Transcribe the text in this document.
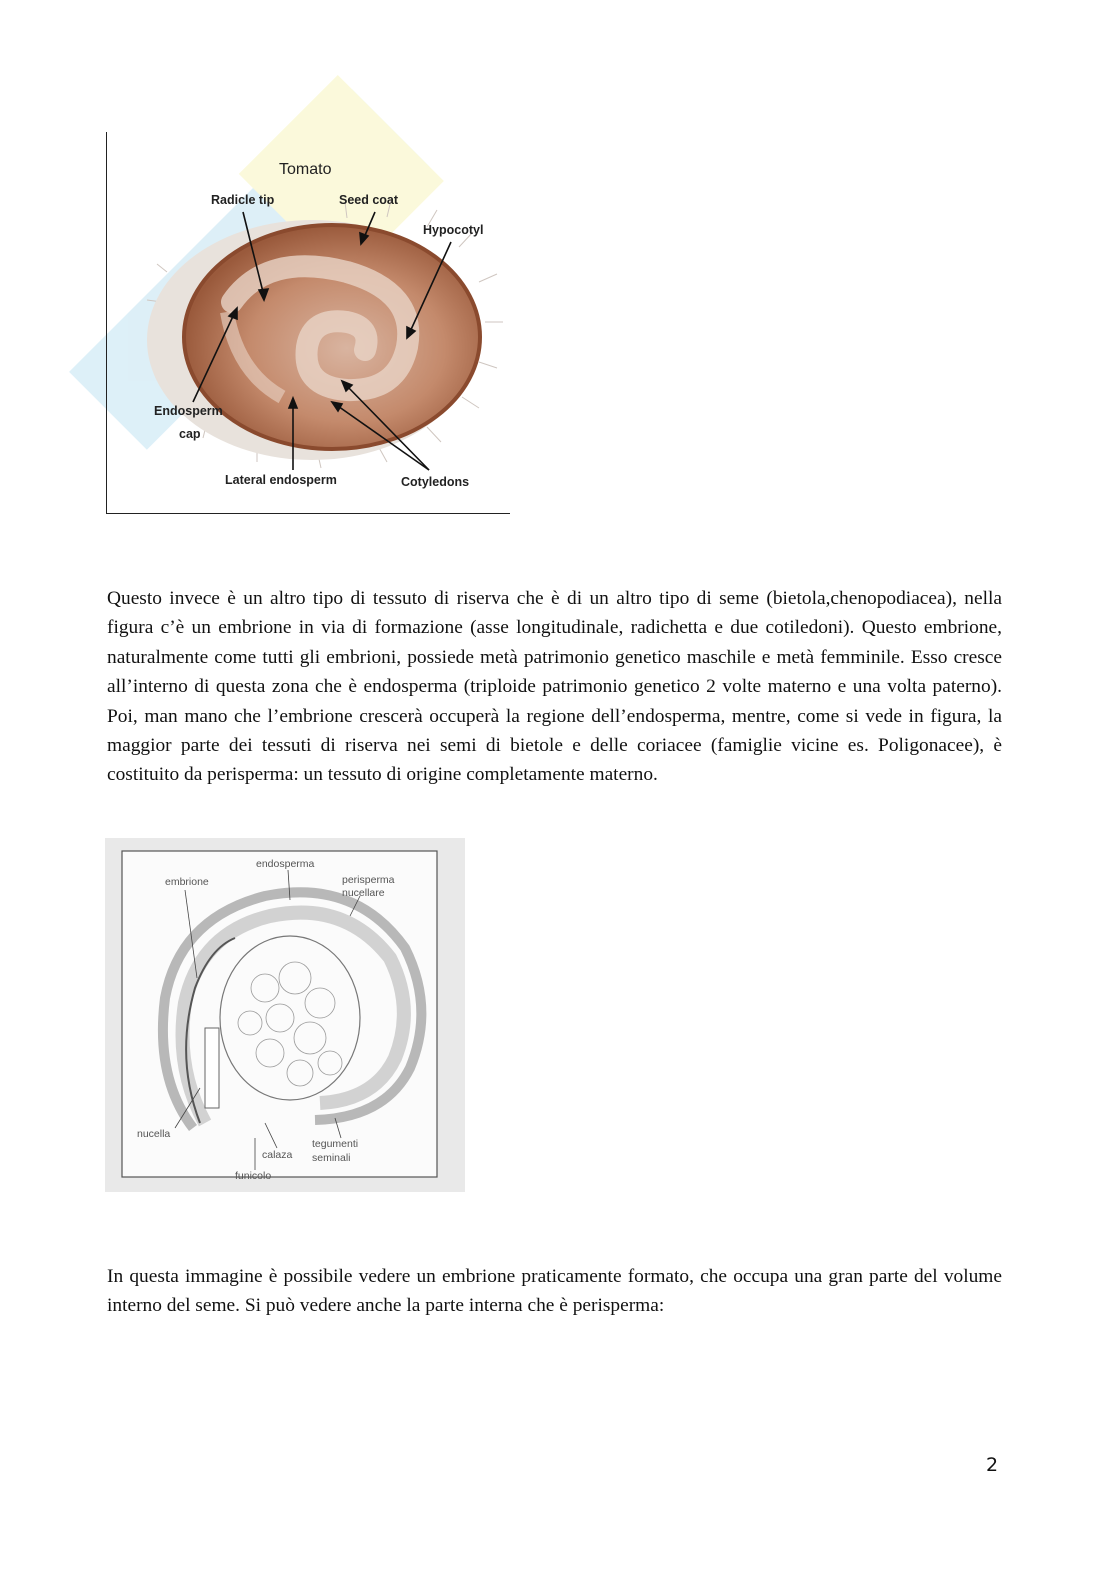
Tomato
Radicle tip	Seed coat
Hypocotyl
Endosperm
cap
Lateral endosperm	Cotyledons

Questo invece è un altro tipo di tessuto di riserva che è di un altro tipo di seme (bietola,chenopodiacea), nella figura c’è un embrione in via di formazione (asse longitudinale, radichetta e due cotiledoni). Questo embrione, naturalmente come tutti gli embrioni, possiede metà patrimonio genetico maschile e metà femminile. Esso cresce all’interno di questa zona che è endosperma (triploide patrimonio genetico 2 volte materno e una volta paterno). Poi, man mano che l’embrione crescerà occuperà la regione dell’endosperma, mentre, come si vede in figura, la maggior parte dei tessuti di riserva nei semi di bietole e delle coriacee (famiglie vicine es. Poligonacee), è costituito da perisperma: un tessuto di origine completamente materno.

endosperma
embrione	perisperma
nucellare
nucella
tegumenti
seminali
calaza
funicolo

In questa immagine è possibile vedere un embrione praticamente formato, che occupa una gran parte del volume interno del seme. Si può vedere anche la parte interna che è perisperma:

2
